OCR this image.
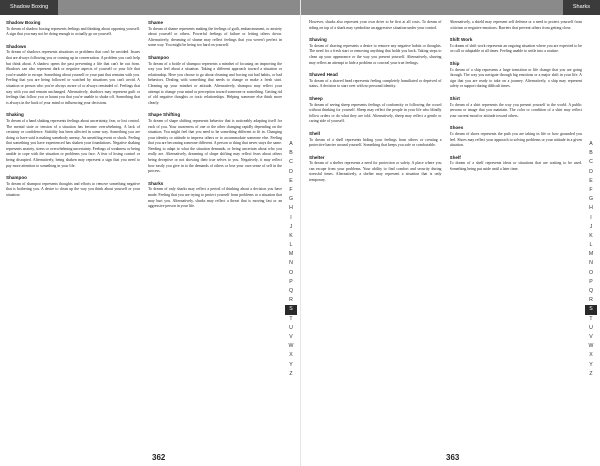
Shadow Boxing
Shadow Boxing

To dream of shadow boxing represents feelings and thinking about opposing yourself. A sign that you may not be doing enough to actually go on yourself.

Shadows

To dream of shadows represents situations or problems that can't be avoided. Issues that are always following you or coming up in conversation. A problem you can't help but think about. A shadow opens the past preventing a life that can't be out from. Shadows can also represent dark or negative aspects of yourself or your life that you're unable to escape. Something about yourself or your past that remains with you. Feeling that you are being followed or watched by situations you can't avoid. A situation or person who you're always aware of or always reminded of. Feelings that stay with you and remain unchanged. Alternatively, shadows may represent guilt or feelings that follow you or haunt you that you're unable to shake off. Something that is always in the back of your mind or influencing your decisions.

Shaking

To dream of a hand shaking represents feelings about uncertainty, fear, or lost control. The mental state or tension of a situation has become overwhelming. A lack of certainty or confidence. Stability has been affected in some way. Something you are doing or have said is making somebody uneasy. An unsettling event or shock. Feeling that something you have experienced has shaken your foundations. Negative shaking represents anxiety, stress or overwhelming uncertainty. Feelings of weakness or being unable to cope with the situation or problems you face. A fear of losing control or being disrupted. Alternatively, being shaken may represent a sign that you need to pay more attention to something in your life.

Shampoo

To dream of shampoo represents thoughts and efforts to remove something negative that is bothering you. A desire to clean up the way you think about yourself or your situation.

Shame

To dream of shame represents making the feelings of guilt, embarrassment, or anxiety about yourself or others. Powerful feelings of failure or letting others down. Alternatively, dreaming of shame may reflect feelings that you weren't perfect in some way. You might be being too hard on yourself.

Shampoo

To dream of a bottle of shampoo represents a mindset of focusing on improving the way you feel about a situation. Taking a different approach toward a situation or relationship. Here you choose to go about cleaning and forcing out bad habits, or bad behaviors. Dealing with something that needs to change or make a fresh start. Cleaning up your mindset or attitude. Alternatively, shampoo may reflect your attempt to change your mind or perception toward someone or something. Getting rid of old negative thoughts or toxic relationships. Helping someone else think more clearly.

Shape Shifting

To dream of shape shifting represents behavior that is noticeably adapting itself for each of you. Your awareness of one or the other changing rapidly depending on the situation. You might feel that you need to be something different to fit in. Changing your identity or attitude to impress others or to accommodate someone else. Feeling that you are becoming someone different. A person or thing that never stays the same. Needing to adapt to what the situation demands, or being uncertain about who you really are. Alternatively, dreaming of shape shifting may reflect fears about others being deceptive or not showing their true selves to you. Negatively, it may reflect how easily you give in to the demands of others or lose your own sense of self in the process.

Sharks

To dream of only sharks may reflect a period of thinking about a decision you have made. Feeling that you are trying to protect yourself from problems or a situation that may hurt you. Alternatively, sharks may reflect a threat that is moving fast or an aggressive person in your life.

A
B
C
D
E
F
G
H
I
J
K
L
M
N
O
P
Q
R
S
T
U
V
W
X
Y
Z
362
Sharks

However, sharks also represent your own drive to be first at all costs. To dream of riding on top of a shark may symbolize an aggressive situation under your control.

Shaving

To dream of shaving represents a desire to remove any negative habits or thoughts. The need for a fresh start or removing anything that holds you back. Taking steps to clean up your appearance or the way you present yourself. Alternatively, shaving may reflect an attempt to hide a problem or conceal your true feelings.

Shaved Head

To dream of a shaved head represents feeling completely humiliated or deprived of status. A decision to start over with no personal identity.

Sheep

To dream of seeing sheep represents feelings of conformity or following the crowd without thinking for yourself. Sheep may reflect the people in your life who blindly follow orders or do what they are told. Alternatively, sheep may reflect a gentle or caring side of yourself.

Shell

To dream of a shell represents hiding your feelings from others or creating a protective barrier around yourself. Something that keeps you safe or comfortable.

Shelter

To dream of a shelter represents a need for protection or safety. A place where you can escape from your problems. Your ability to find comfort and security during stressful times. Alternatively, a shelter may represent a situation that is only temporary.

Alternatively, a shield may represent self defense or a need to protect yourself from criticism or negative emotions. Barriers that prevent others from getting close.

Shift Work

To dream of shift work represents an ongoing situation where you are expected to be on call or adaptable at all times. Feeling unable to settle into a routine.

Ship

To dream of a ship represents a large transition or life change that you are going through. The way you navigate through big emotions or a major shift in your life. A sign that you are ready to take on a journey. Alternatively, a ship may represent safety or support during difficult times.

Shirt

To dream of a shirt represents the way you present yourself to the world. A public persona or image that you maintain. The color or condition of a shirt may reflect your current mood or attitude toward others.

Shoes

To dream of shoes represents the path you are taking in life or how grounded you feel. Shoes may reflect your approach to solving problems or your attitude in a given situation.

Shelf

To dream of a shelf represents ideas or situations that are waiting to be used. Something being put aside until a later time.

A
B
C
D
E
F
G
H
I
J
K
L
M
N
O
P
Q
R
S
T
U
V
W
X
Y
Z
363
